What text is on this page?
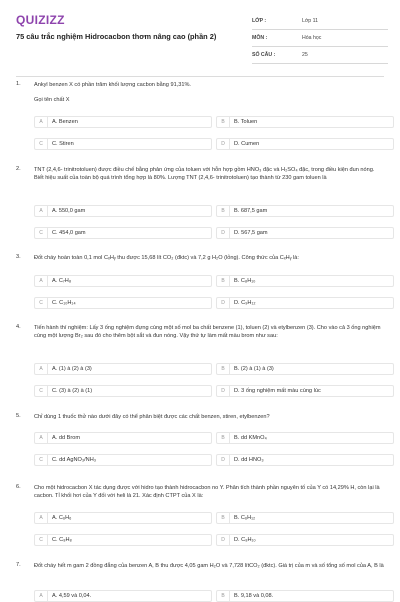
QUIZIZZ
75 câu trắc nghiệm Hidrocacbon thơm nâng cao (phần 2)
LỚP :	Lớp 11
MÔN :	Hóa học
SỐ CÂU :	25
1. Ankyl benzen X có phần trăm khối lượng cacbon bằng 91,31%.
Gọi tên chất X
A	A. Benzen	B	B. Toluen
C	C. Stiren	D	D. Cumen
2. TNT (2,4,6- trinitrotoluen) được điều chế bằng phản ứng của toluen với hỗn hợp gồm HNO₃ đặc và H₂SO₄ đặc, trong điều kiện đun nóng. Biết hiệu suất của toàn bộ quá trình tổng hợp là 80%. Lượng TNT (2,4,6- trinitrotoluen) tạo thành từ 230 gam toluen là
A	A. 550,0 gam	B	B. 687,5 gam
C	C. 454,0 gam	D	D. 567,5 gam
3. Đốt cháy hoàn toàn 0,1 mol CₓHᵧ thu được 15,68 lít CO₂ (đktc) và 7,2 g H₂O (lỏng). Công thức của CₓHᵧ là:
A	A. C₇H₈	B	B. C₈H₁₀
C	C. C₁₀H₁₄	D	D. C₉H₁₂
4. Tiến hành thí nghiệm: Lấy 3 ống nghiệm đựng cùng một số mol ba chất benzene (1), toluen (2) và etylbenzen (3). Cho vào cả 3 ống nghiệm cùng một lượng Br₂ sau đó cho thêm bột sắt và đun nóng. Vậy thứ tự làm mất màu brom như sau:
A	A. (1) à (2) à (3)	B	B. (2) à (1) à (3)
C	C. (3) à (2) à (1)	D	D. 3 ống nghiệm mất màu cùng lúc
5. Chỉ dùng 1 thuốc thử nào dưới đây có thể phân biệt được các chất benzen, stiren, etylbenzen?
A	A. dd Brom	B	B. dd KMnO₄
C	C. dd AgNO₃/NH₃	D	D. dd HNO₃
6. Cho một hidrocacbon X tác dụng được với hidro tạo thành hidrocacbon no Y. Phân tích thành phần nguyên tố của Y có 14,29% H, còn lại là cacbon. Tỉ khối hơi của Y đối với heli là 21. Xác định CTPT của X là:
A	A. C₆H₆	B	B. C₆H₁₂
C	C. C₈H₈	D	D. C₈H₁₀
7. Đốt cháy hết m gam 2 đồng đẳng của benzen A, B thu được 4,05 gam H₂O và 7,728 lítCO₂ (đktc). Giá trị của m và số tổng số mol của A, B là
A	A. 4,59 và 0,04.	B	B. 9,18 và 0,08.
